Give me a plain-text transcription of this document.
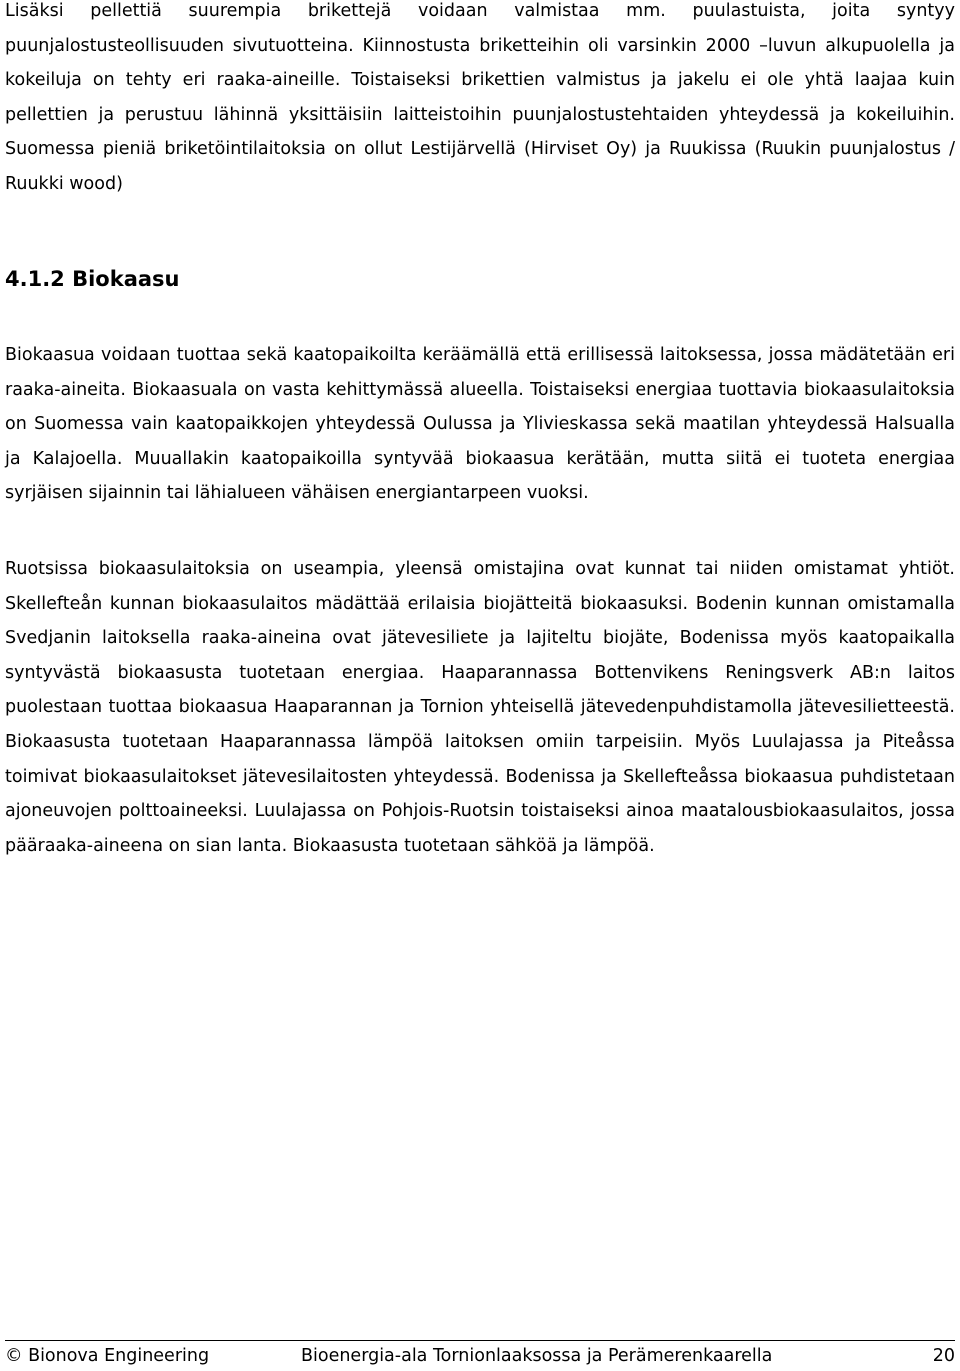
Lisäksi pellettiä suurempia brikettejä voidaan valmistaa mm. puulastuista, joita syntyy puunjalostusteollisuuden sivutuotteina. Kiinnostusta briketteihin oli varsinkin 2000 –luvun alkupuolella ja kokeiluja on tehty eri raaka-aineille. Toistaiseksi brikettien valmistus ja jakelu ei ole yhtä laajaa kuin pellettien ja perustuu lähinnä yksittäisiin laitteistoihin puunjalostustehtaiden yhteydessä ja kokeiluihin. Suomessa pieniä briketöintilaitoksia on ollut Lestijärvellä (Hirviset Oy) ja Ruukissa (Ruukin puunjalostus / Ruukki wood)

4.1.2 Biokaasu

Biokaasua voidaan tuottaa sekä kaatopaikoilta keräämällä että erillisessä laitoksessa, jossa mädätetään eri raaka-aineita. Biokaasuala on vasta kehittymässä alueella. Toistaiseksi energiaa tuottavia biokaasulaitoksia on Suomessa vain kaatopaikkojen yhteydessä Oulussa ja Ylivieskassa sekä maatilan yhteydessä Halsualla ja Kalajoella. Muuallakin kaatopaikoilla syntyvää biokaasua kerätään, mutta siitä ei tuoteta energiaa syrjäisen sijainnin tai lähialueen vähäisen energiantarpeen vuoksi.

Ruotsissa biokaasulaitoksia on useampia, yleensä omistajina ovat kunnat tai niiden omistamat yhtiöt. Skellefteån kunnan biokaasulaitos mädättää erilaisia biojätteitä biokaasuksi. Bodenin kunnan omistamalla Svedjanin laitoksella raaka-aineina ovat jätevesiliete ja lajiteltu biojäte, Bodenissa myös kaatopaikalla syntyvästä biokaasusta tuotetaan energiaa. Haaparannassa Bottenvikens Reningsverk AB:n laitos puolestaan tuottaa biokaasua Haaparannan ja Tornion yhteisellä jätevedenpuhdistamolla jätevesilietteestä. Biokaasusta tuotetaan Haaparannassa lämpöä laitoksen omiin tarpeisiin. Myös Luulajassa ja Piteåssa toimivat biokaasulaitokset jätevesilaitosten yhteydessä. Bodenissa ja Skellefteåssa biokaasua puhdistetaan ajoneuvojen polttoaineeksi. Luulajassa on Pohjois-Ruotsin toistaiseksi ainoa maatalousbiokaasulaitos, jossa pääraaka-aineena on sian lanta. Biokaasusta tuotetaan sähköä ja lämpöä.

© Bionova Engineering	Bioenergia-ala Tornionlaaksossa ja Perämerenkaarella	20
